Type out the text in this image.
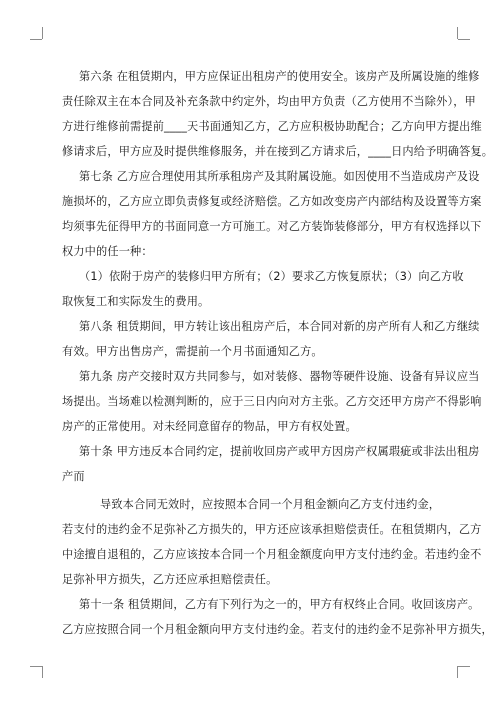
第六条 在租赁期内，甲方应保证出租房产的使用安全。该房产及所属设施的维修
责任除双主在本合同及补充条款中约定外，均由甲方负责（乙方使用不当除外），甲
方进行维修前需提前____天书面通知乙方，乙方应积极协助配合；乙方向甲方提出维
修请求后，甲方应及时提供维修服务，并在接到乙方请求后，____日内给予明确答复。
第七条 乙方应合理使用其所承租房产及其附属设施。如因使用不当造成房产及设
施损坏的，乙方应立即负责修复或经济赔偿。乙方如改变房产内部结构及设置等方案
均须事先征得甲方的书面同意一方可施工。对乙方装饰装修部分，甲方有权选择以下
权力中的任一种：
（1）依附于房产的装修归甲方所有；（2）要求乙方恢复原状；（3）向乙方收
取恢复工和实际发生的费用。
第八条 租赁期间，甲方转让该出租房产后，本合同对新的房产所有人和乙方继续
有效。甲方出售房产，需提前一个月书面通知乙方。
第九条 房产交接时双方共同参与，如对装修、器物等硬件设施、设备有异议应当
场提出。当场难以检测判断的，应于三日内向对方主张。乙方交还甲方房产不得影响
房产的正常使用。对未经同意留存的物品，甲方有权处置。
第十条 甲方违反本合同约定，提前收回房产或甲方因房产权属瑕疵或非法出租房
产而
导致本合同无效时，应按照本合同一个月租金额向乙方支付违约金，
若支付的违约金不足弥补乙方损失的，甲方还应该承担赔偿责任。在租赁期内，乙方
中途擅自退租的，乙方应该按本合同一个月租金额度向甲方支付违约金。若违约金不
足弥补甲方损失，乙方还应承担赔偿责任。
第十一条 租赁期间，乙方有下列行为之一的，甲方有权终止合同。收回该房产。
乙方应按照合同一个月租金额向甲方支付违约金。若支付的违约金不足弥补甲方损失，
